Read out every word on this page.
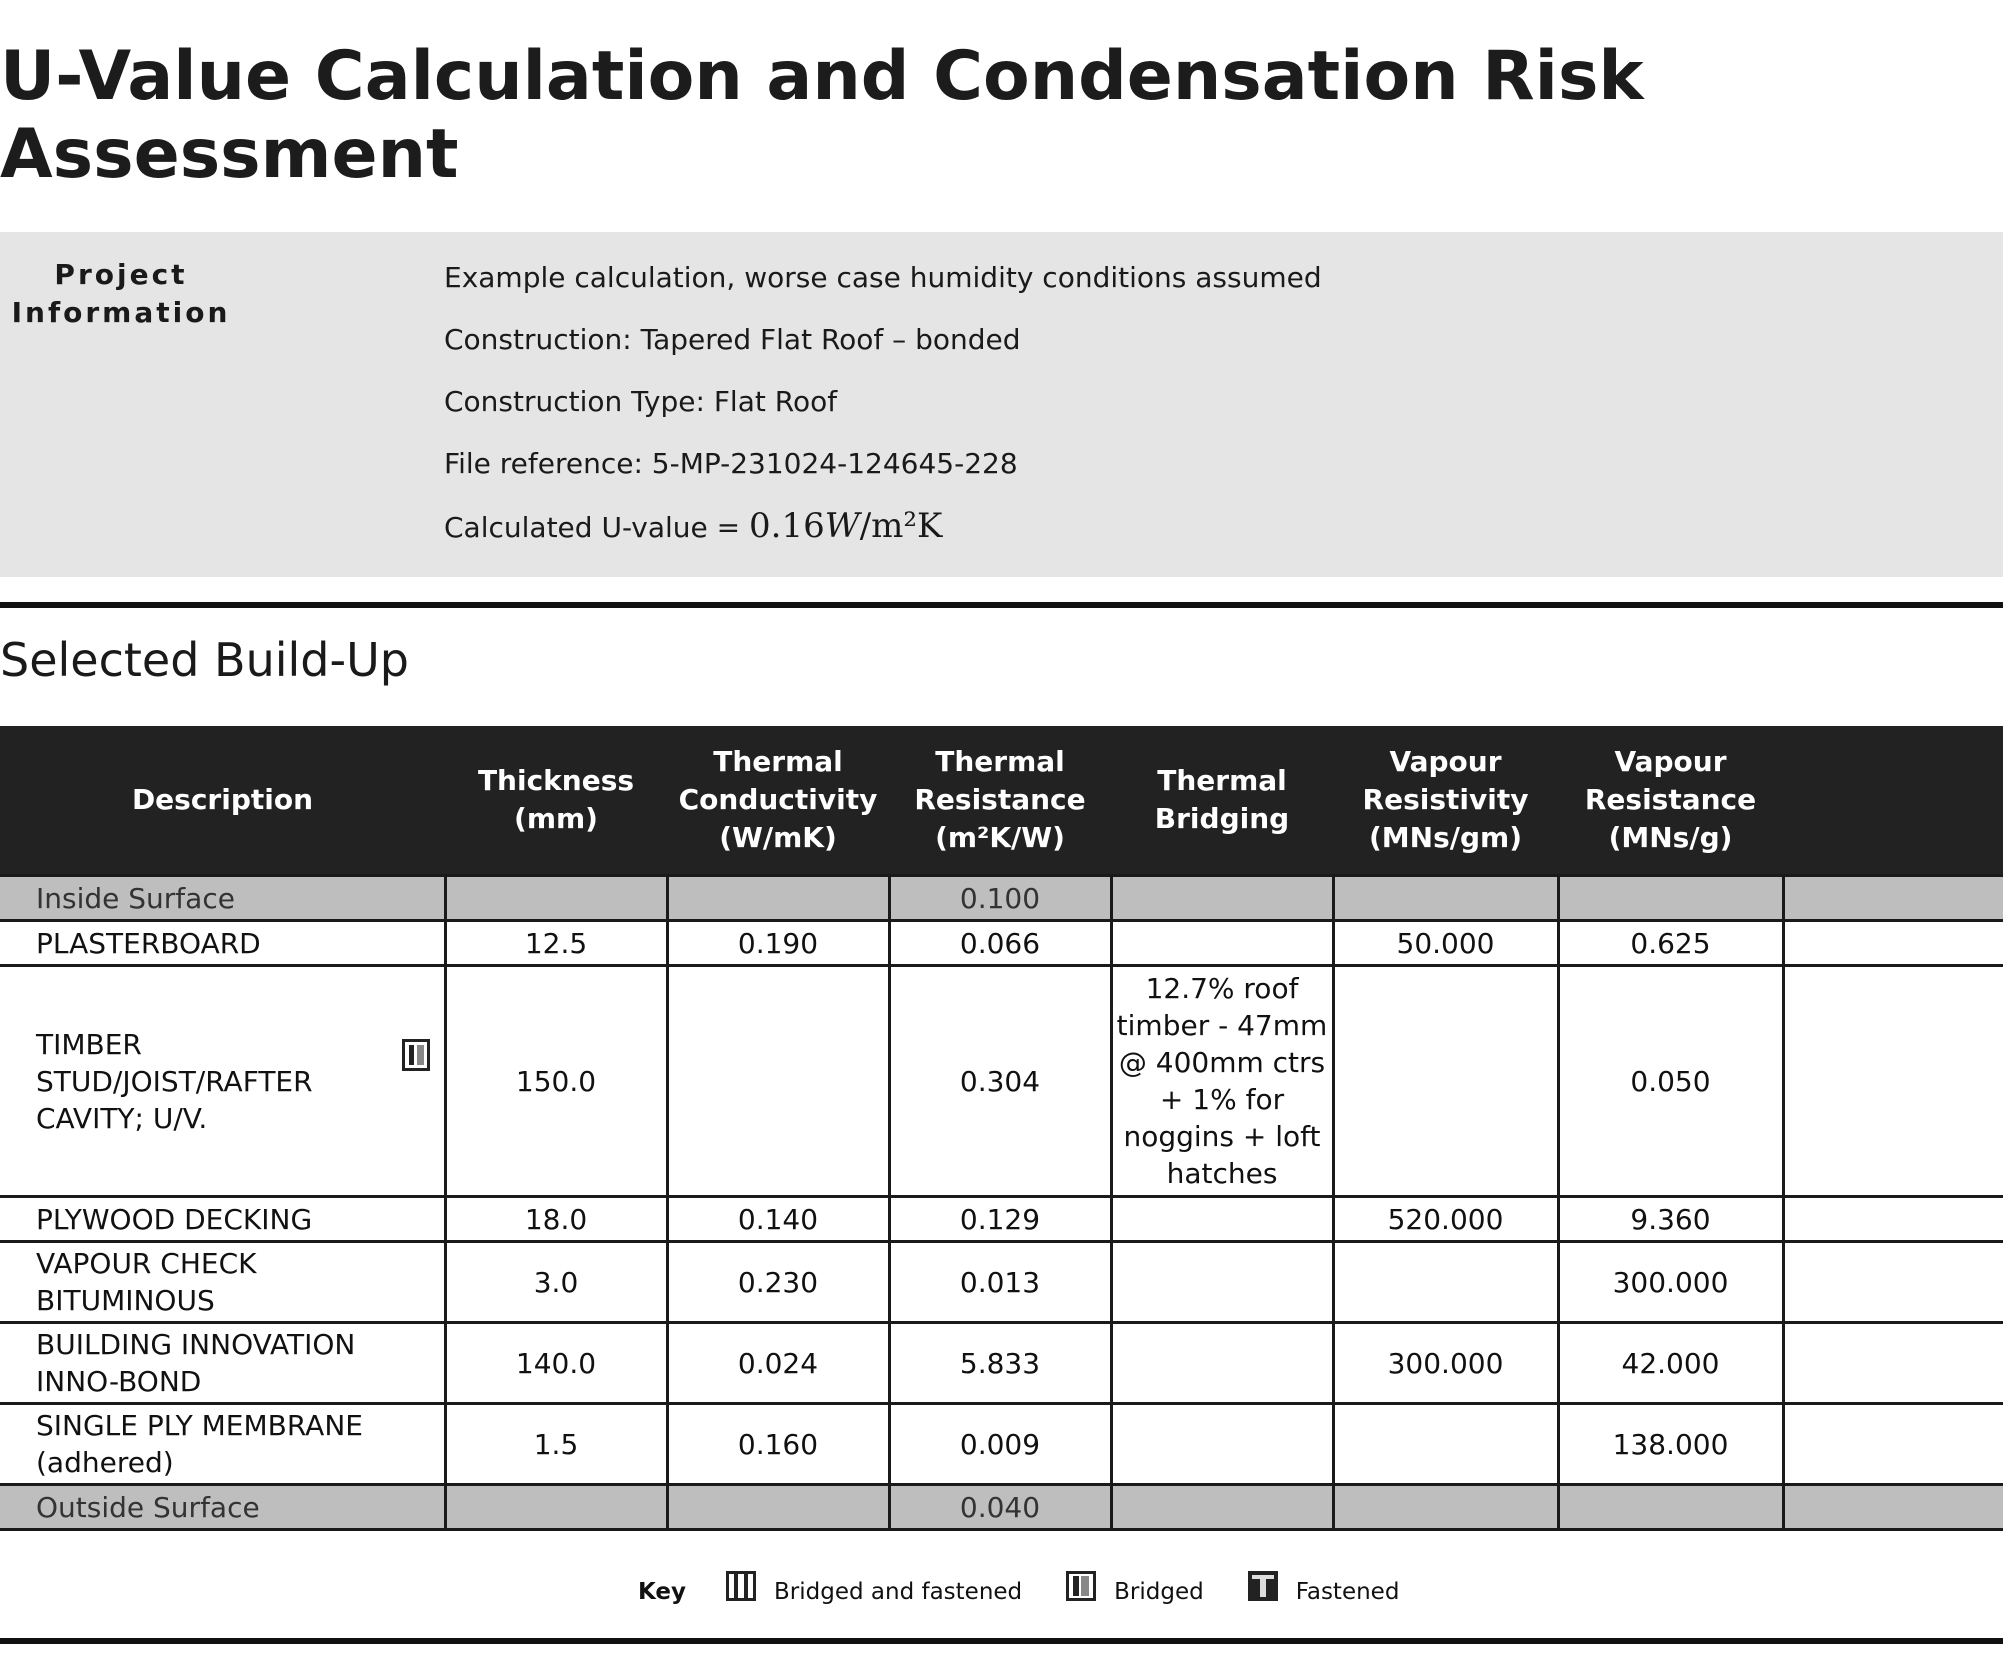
U-Value Calculation and Condensation Risk Assessment
Project Information
Example calculation, worse case humidity conditions assumed
Construction: Tapered Flat Roof – bonded
Construction Type: Flat Roof
File reference: 5-MP-231024-124645-228
Calculated U-value = 0.16W/m²K
Selected Build-Up
Description	Thickness (mm)	Thermal Conductivity (W/mK)	Thermal Resistance (m²K/W)	Thermal Bridging	Vapour Resistivity (MNs/gm)	Vapour Resistance (MNs/g)	
Inside Surface			0.100				
PLASTERBOARD	12.5	0.190	0.066		50.000	0.625	

TIMBER STUD/JOIST/RAFTER CAVITY; U/V.	150.0		0.304	12.7% roof timber - 47mm @ 400mm ctrs + 1% for noggins + loft hatches		0.050	
PLYWOOD DECKING	18.0	0.140	0.129		520.000	9.360	
VAPOUR CHECK BITUMINOUS	3.0	0.230	0.013			300.000	
BUILDING INNOVATION INNO-BOND	140.0	0.024	5.833		300.000	42.000	
SINGLE PLY MEMBRANE (adhered)	1.5	0.160	0.009			138.000	
Outside Surface			0.040				
Key	Bridged and fastened	Bridged	Fastened
